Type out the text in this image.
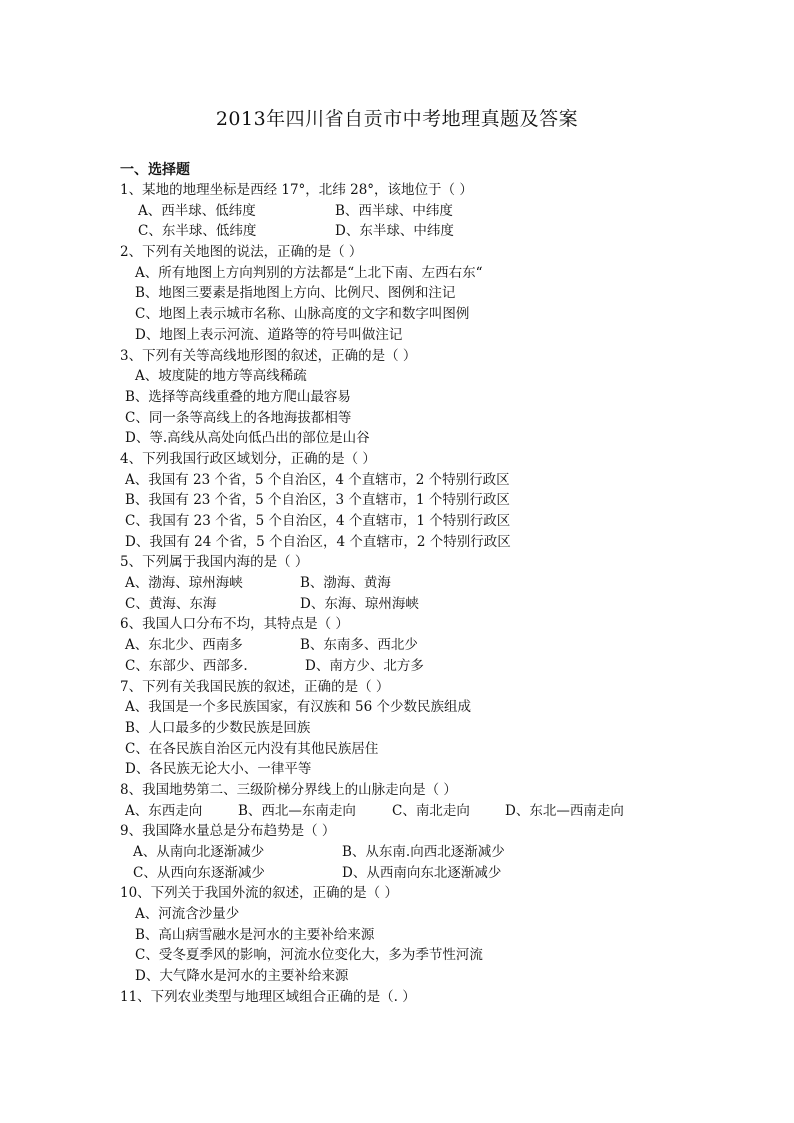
2013年四川省自贡市中考地理真题及答案
一、选择题
1、某地的地理坐标是西经 17°，北纬 28°，该地位于（ ）
A、西半球、低纬度	B、西半球、中纬度
C、东半球、低纬度	D、东半球、中纬度
2、下列有关地图的说法，正确的是（ ）
A、所有地图上方向判别的方法都是“上北下南、左西右东“
B、地图三要素是指地图上方向、比例尺、图例和注记
C、地图上表示城市名称、山脉高度的文字和数字叫图例
D、地图上表示河流、道路等的符号叫做注记
3、下列有关等高线地形图的叙述，正确的是（ ）
A、坡度陡的地方等高线稀疏
B、选择等高线重叠的地方爬山最容易
C、同一条等高线上的各地海拔都相等
D、等.高线从高处向低凸出的部位是山谷
4、下列我国行政区域划分，正确的是（ ）
A、我国有 23 个省，5 个自治区，4 个直辖市，2 个特别行政区
B、我国有 23 个省，5 个自治区，3 个直辖市，1 个特别行政区
C、我国有 23 个省，5 个自治区，4 个直辖市，1 个特别行政区
D、我国有 24 个省，5 个自治区，4 个直辖市，2 个特别行政区
5、下列属于我国内海的是（ ）
A、渤海、琼州海峡	B、渤海、黄海
C、黄海、东海	D、东海、琼州海峡
6、我国人口分布不均，其特点是（ ）
A、东北少、西南多	B、东南多、西北少
C、东部少、西部多.	D、南方少、北方多
7、下列有关我国民族的叙述，正确的是（ ）
A、我国是一个多民族国家，有汉族和 56 个少数民族组成
B、人口最多的少数民族是回族
C、在各民族自治区元内没有其他民族居住
D、各民族无论大小、一律平等
8、我国地势第二、三级阶梯分界线上的山脉走向是（ ）
A、东西走向	B、西北—东南走向	C、南北走向	D、东北—西南走向
9、我国降水量总是分布趋势是（ ）
A、从南向北逐渐减少	B、从东南.向西北逐渐减少
C、从西向东逐渐减少	D、从西南向东北逐渐减少
10、下列关于我国外流的叙述，正确的是（ ）
A、河流含沙量少
B、高山病雪融水是河水的主要补给来源
C、受冬夏季风的影响，河流水位变化大，多为季节性河流
D、大气降水是河水的主要补给来源
11、下列农业类型与地理区域组合正确的是（. ）
